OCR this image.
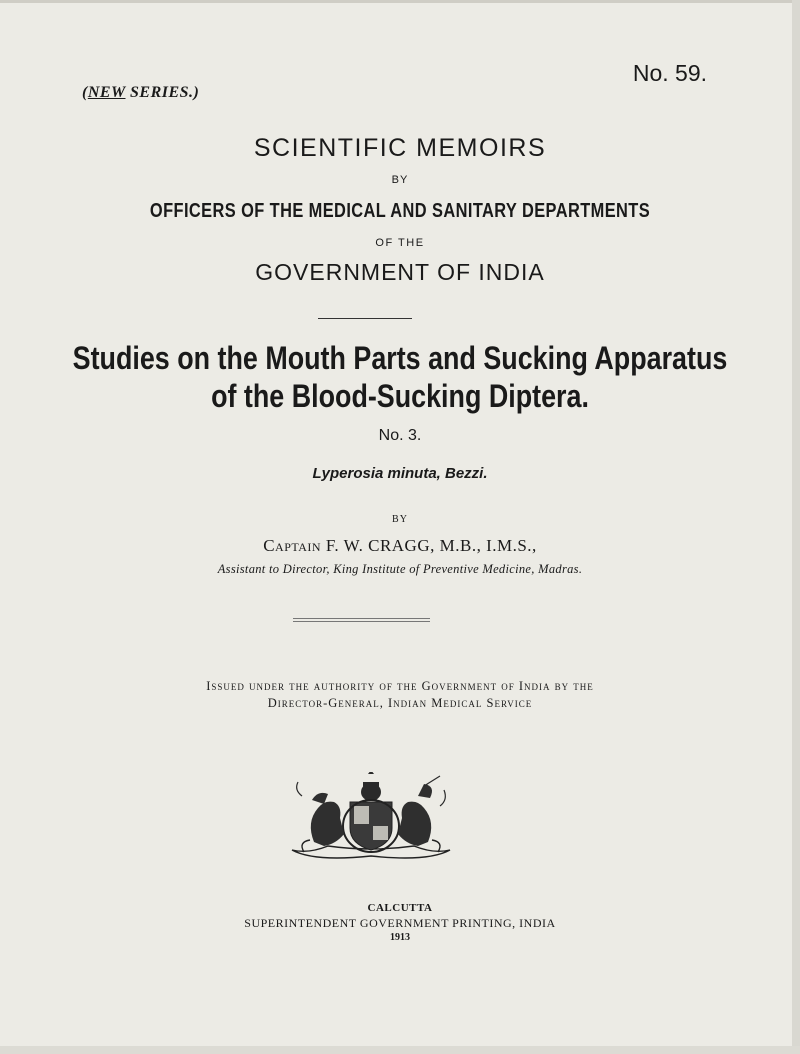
(NEW SERIES.)
No. 59.
SCIENTIFIC MEMOIRS
BY
OFFICERS OF THE MEDICAL AND SANITARY DEPARTMENTS
OF THE
GOVERNMENT OF INDIA
Studies on the Mouth Parts and Sucking Apparatus
of the Blood-Sucking Diptera.
No. 3.
Lyperosia minuta, Bezzi.
BY
Captain F. W. CRAGG, M.B., I.M.S.,
Assistant to Director, King Institute of Preventive Medicine, Madras.
Issued under the authority of the Government of India by the
Director-General, Indian Medical Service
CALCUTTA
SUPERINTENDENT GOVERNMENT PRINTING, INDIA
1913
